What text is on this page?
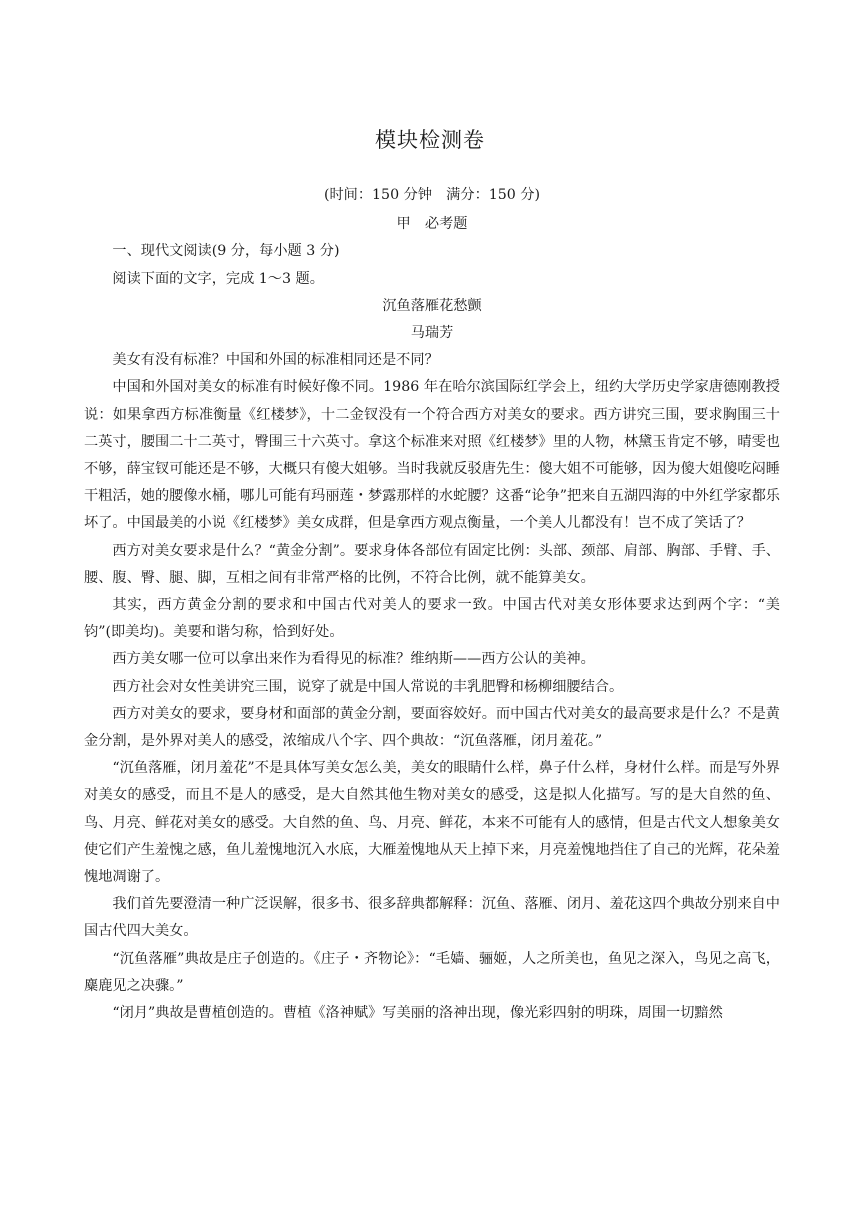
模块检测卷

(时间：150 分钟　满分：150 分)

甲　必考题

一、现代文阅读(9 分，每小题 3 分)

阅读下面的文字，完成 1～3 题。

沉鱼落雁花愁颤

马瑞芳

美女有没有标准？中国和外国的标准相同还是不同？

中国和外国对美女的标准有时候好像不同。1986 年在哈尔滨国际红学会上，纽约大学历史学家唐德刚教授说：如果拿西方标准衡量《红楼梦》，十二金钗没有一个符合西方对美女的要求。西方讲究三围，要求胸围三十二英寸，腰围二十二英寸，臀围三十六英寸。拿这个标准来对照《红楼梦》里的人物，林黛玉肯定不够，晴雯也不够，薛宝钗可能还是不够，大概只有傻大姐够。当时我就反驳唐先生：傻大姐不可能够，因为傻大姐傻吃闷睡干粗活，她的腰像水桶，哪儿可能有玛丽莲・梦露那样的水蛇腰？这番“论争”把来自五湖四海的中外红学家都乐坏了。中国最美的小说《红楼梦》美女成群，但是拿西方观点衡量，一个美人儿都没有！岂不成了笑话了？

西方对美女要求是什么？“黄金分割”。要求身体各部位有固定比例：头部、颈部、肩部、胸部、手臂、手、腰、腹、臀、腿、脚，互相之间有非常严格的比例，不符合比例，就不能算美女。

其实，西方黄金分割的要求和中国古代对美人的要求一致。中国古代对美女形体要求达到两个字：“美钧”(即美均)。美要和谐匀称，恰到好处。

西方美女哪一位可以拿出来作为看得见的标准？维纳斯——西方公认的美神。

西方社会对女性美讲究三围，说穿了就是中国人常说的丰乳肥臀和杨柳细腰结合。

西方对美女的要求，要身材和面部的黄金分割，要面容姣好。而中国古代对美女的最高要求是什么？不是黄金分割，是外界对美人的感受，浓缩成八个字、四个典故：“沉鱼落雁，闭月羞花。”

“沉鱼落雁，闭月羞花”不是具体写美女怎么美，美女的眼睛什么样，鼻子什么样，身材什么样。而是写外界对美女的感受，而且不是人的感受，是大自然其他生物对美女的感受，这是拟人化描写。写的是大自然的鱼、鸟、月亮、鲜花对美女的感受。大自然的鱼、鸟、月亮、鲜花，本来不可能有人的感情，但是古代文人想象美女使它们产生羞愧之感，鱼儿羞愧地沉入水底，大雁羞愧地从天上掉下来，月亮羞愧地挡住了自己的光辉，花朵羞愧地凋谢了。

我们首先要澄清一种广泛误解，很多书、很多辞典都解释：沉鱼、落雁、闭月、羞花这四个典故分别来自中国古代四大美女。

“沉鱼落雁”典故是庄子创造的。《庄子・齐物论》：“毛嫱、骊姬，人之所美也，鱼见之深入，鸟见之高飞，麋鹿见之决骤。”

“闭月”典故是曹植创造的。曹植《洛神赋》写美丽的洛神出现，像光彩四射的明珠，周围一切黯然
